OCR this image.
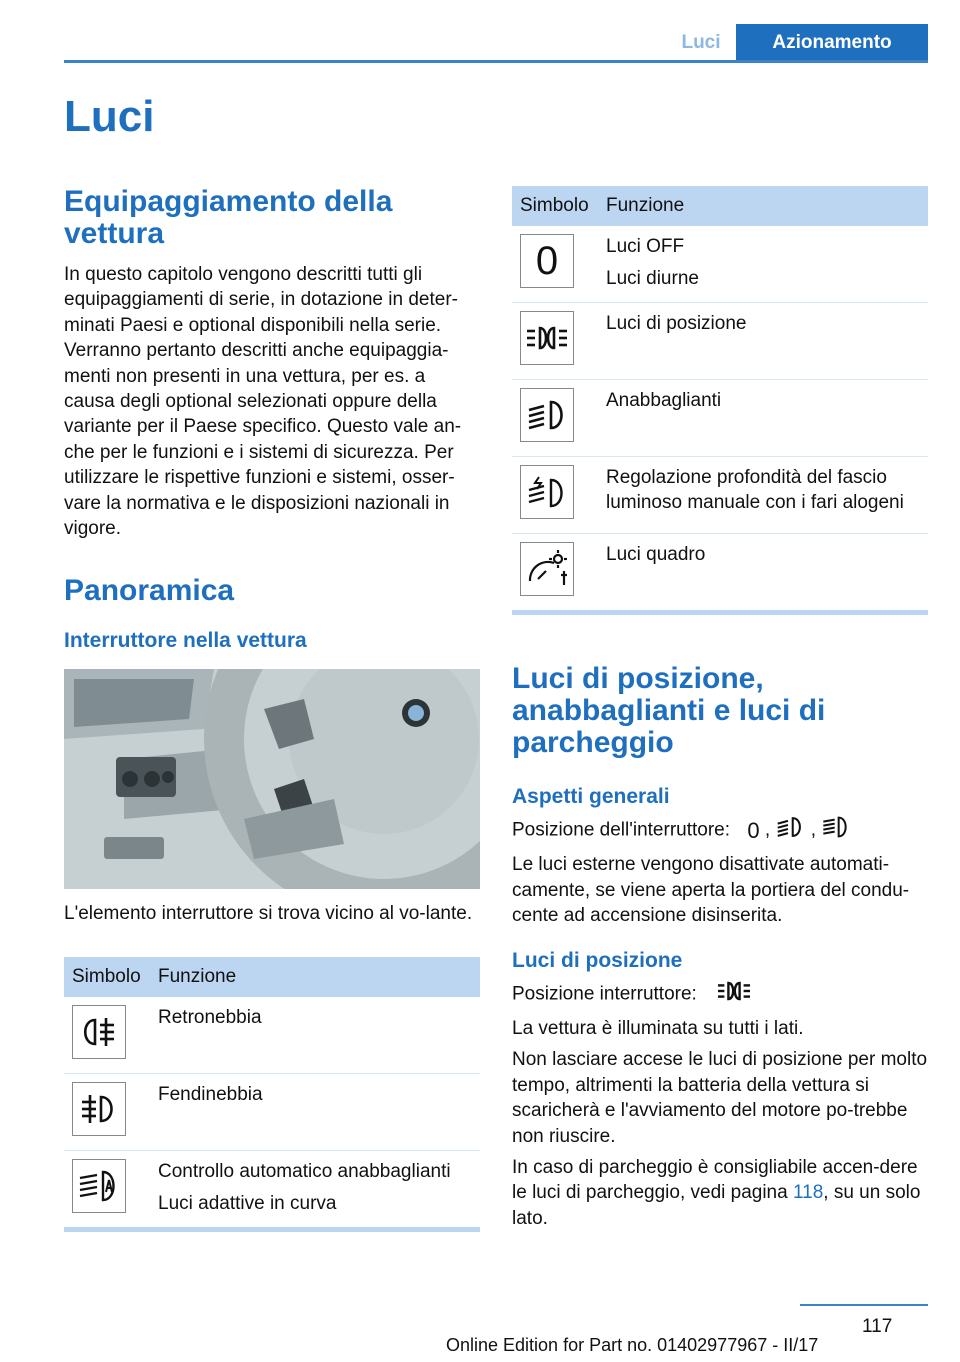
Luci	Azionamento
Luci
Equipaggiamento della vettura

In questo capitolo vengono descritti tutti gli equipaggiamenti di serie, in dotazione in deter-minati Paesi e optional disponibili nella serie. Verranno pertanto descritti anche equipaggia-menti non presenti in una vettura, per es. a causa degli optional selezionati oppure della variante per il Paese specifico. Questo vale an-che per le funzioni e i sistemi di sicurezza. Per utilizzare le rispettive funzioni e sistemi, osser-vare la normativa e le disposizioni nazionali in vigore.

Panoramica
Interruttore nella vettura

L'elemento interruttore si trova vicino al vo-lante.

Simbolo	Funzione

Retronebbia

Fendinebbia

Controllo automatico anabbaglianti
Luci adattive in curva
Simbolo	Funzione

0	Luci OFF
Luci diurne

Luci di posizione

Anabbaglianti

Regolazione profondità del fascio luminoso manuale con i fari alogeni

Luci quadro
Luci di posizione, anabbaglianti e luci di parcheggio
Aspetti generali

Posizione dell'interruttore: 0 , ,

Le luci esterne vengono disattivate automati-camente, se viene aperta la portiera del condu-cente ad accensione disinserita.

Luci di posizione

Posizione interruttore:

La vettura è illuminata su tutti i lati.

Non lasciare accese le luci di posizione per molto tempo, altrimenti la batteria della vettura si scaricherà e l'avviamento del motore po-trebbe non riuscire.

In caso di parcheggio è consigliabile accen-dere le luci di parcheggio, vedi pagina 118, su un solo lato.

117
Online Edition for Part no. 01402977967 - II/17
